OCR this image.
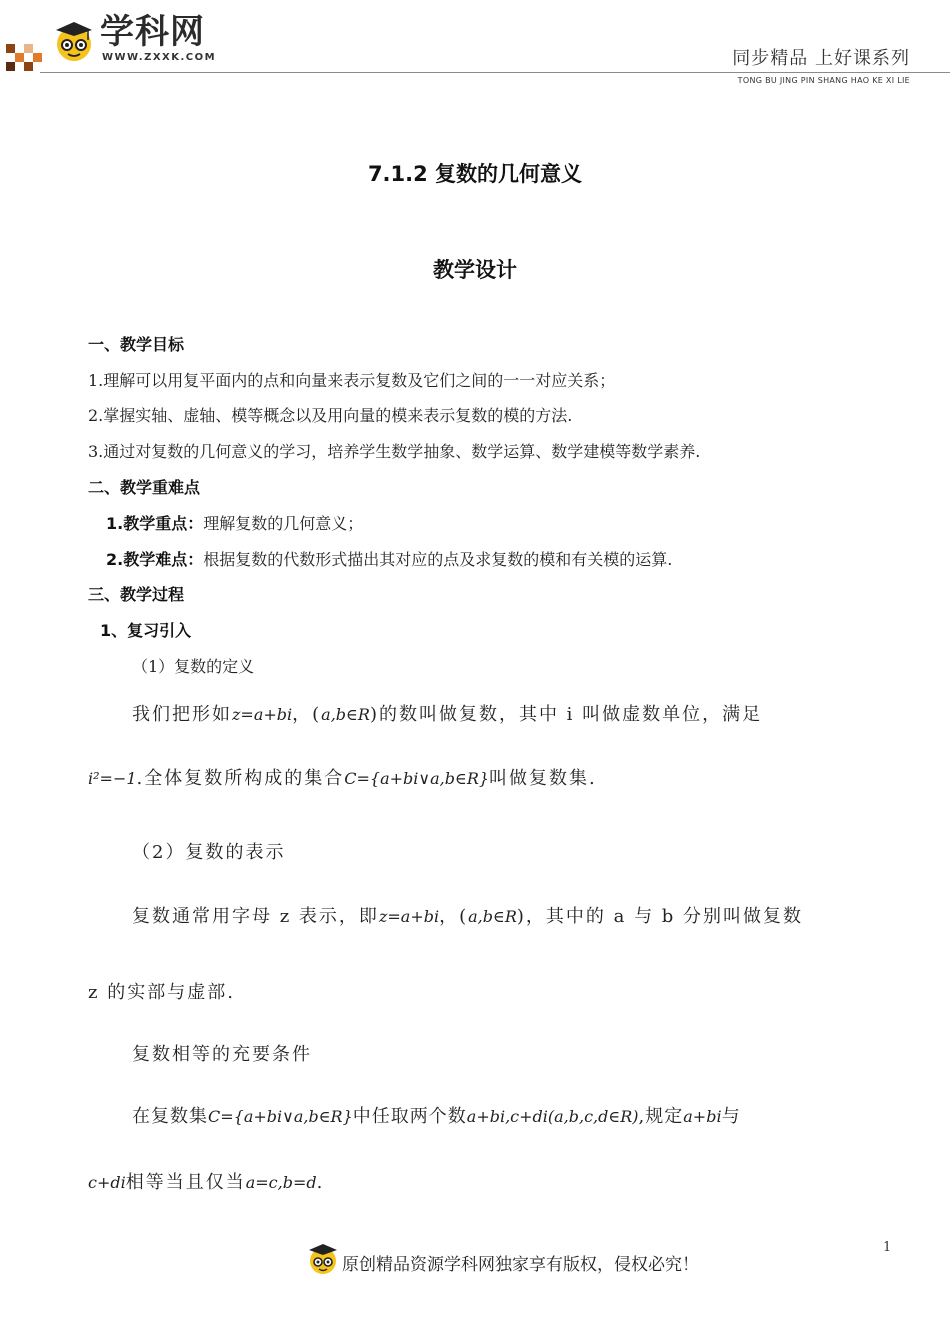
学科网
WWW.ZXXK.COM	同步精品 上好课系列
TONG BU JING PIN SHANG HAO KE XI LIE
7.1.2 复数的几何意义
教学设计
一、教学目标
1.理解可以用复平面内的点和向量来表示复数及它们之间的一一对应关系；
2.掌握实轴、虚轴、模等概念以及用向量的模来表示复数的模的方法.
3.通过对复数的几何意义的学习，培养学生数学抽象、数学运算、数学建模等数学素养.
二、教学重难点
1.教学重点：理解复数的几何意义；
2.教学难点：根据复数的代数形式描出其对应的点及求复数的模和有关模的运算.
三、教学过程
1、复习引入
（1）复数的定义
我们把形如z=a+bi，(a,b∈R)的数叫做复数，其中 i 叫做虚数单位，满足
i²=−1.全体复数所构成的集合C={a+bi∨a,b∈R}叫做复数集.
（2）复数的表示
复数通常用字母 z 表示，即z=a+bi，(a,b∈R)，其中的 a 与 b 分别叫做复数
z 的实部与虚部.
复数相等的充要条件
在复数集C={a+bi∨a,b∈R}中任取两个数a+bi,c+di(a,b,c,d∈R),规定a+bi与
c+di相等当且仅当a=c,b=d.
原创精品资源学科网独家享有版权，侵权必究！
1
